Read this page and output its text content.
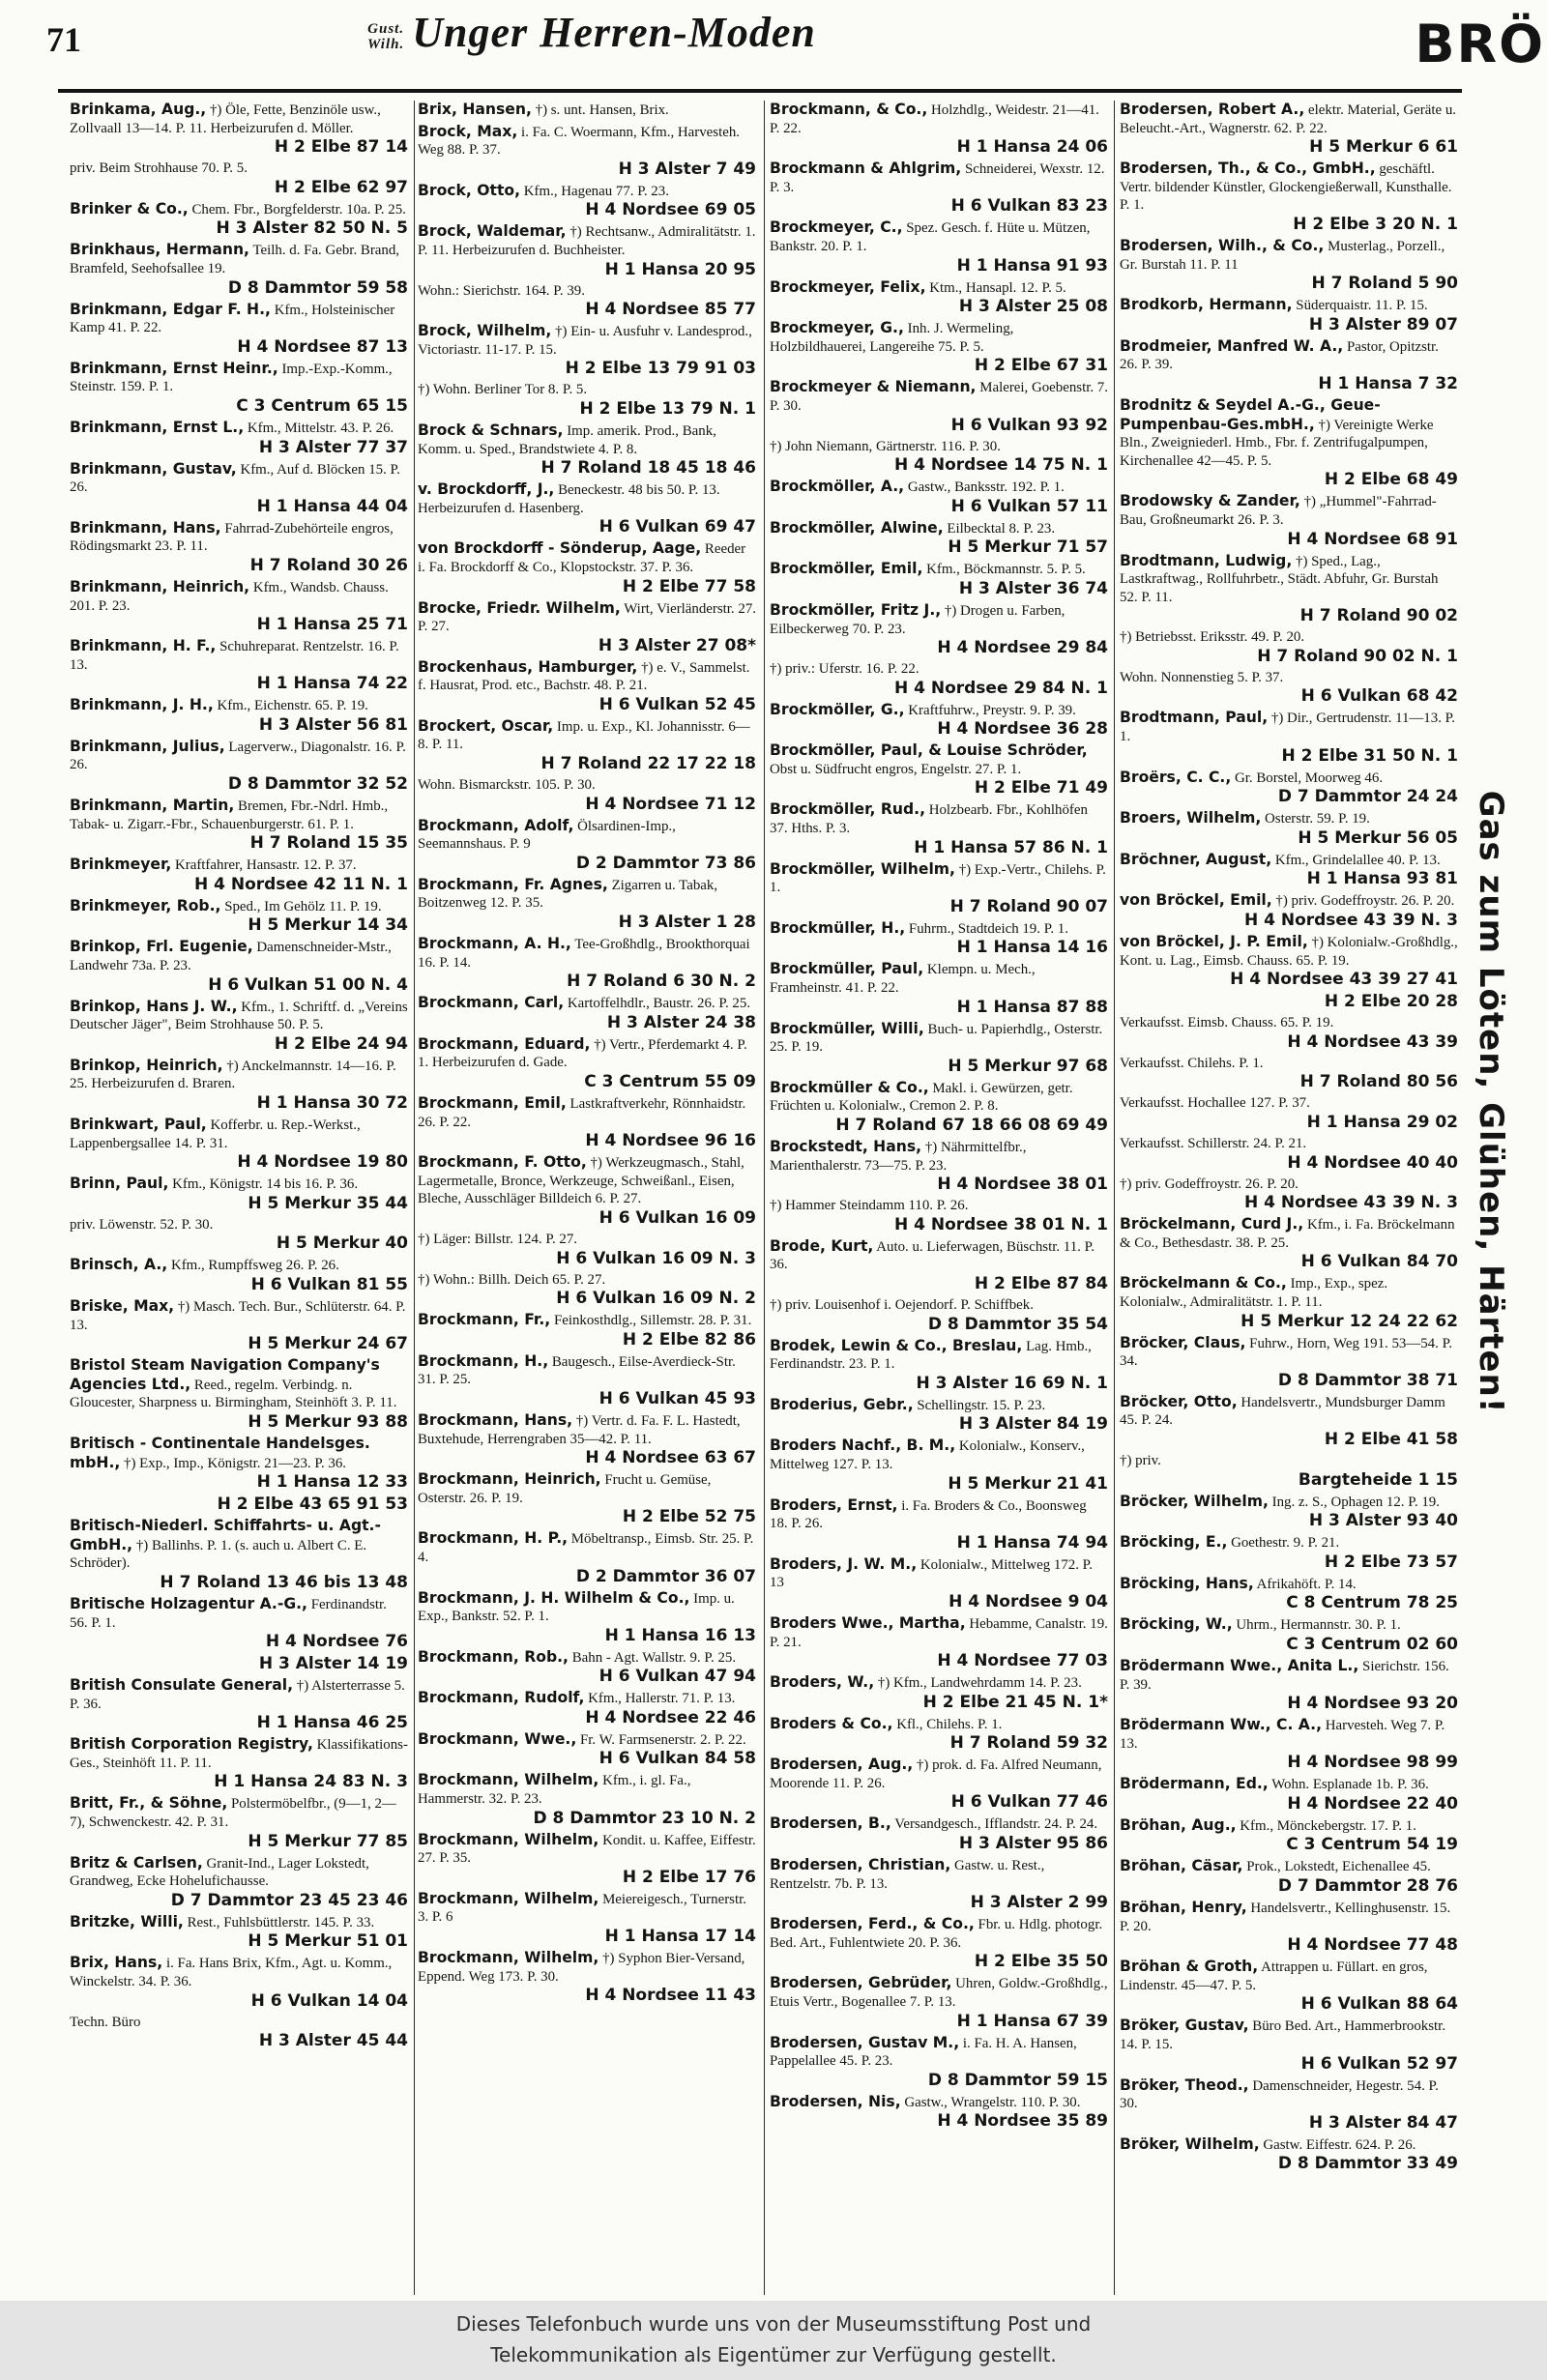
71	Gust.
Wilh. Unger Herren-Moden	BRÖ
Brinkama, Aug., †) Öle, Fette, Benzinöle usw., Zollvaall 13—14. P. 11. Herbeizurufen d. Möller.
H 2 Elbe 87 14
priv. Beim Strohhause 70. P. 5.
H 2 Elbe 62 97
Brinker & Co., Chem. Fbr., Borgfelderstr. 10a. P. 25.
H 3 Alster 82 50 N. 5
Brinkhaus, Hermann, Teilh. d. Fa. Gebr. Brand, Bramfeld, Seehofsallee 19.
D 8 Dammtor 59 58
Brinkmann, Edgar F. H., Kfm., Holsteinischer Kamp 41. P. 22.
H 4 Nordsee 87 13
Brinkmann, Ernst Heinr., Imp.-Exp.-Komm., Steinstr. 159. P. 1.
C 3 Centrum 65 15
Brinkmann, Ernst L., Kfm., Mittelstr. 43. P. 26.
H 3 Alster 77 37
Brinkmann, Gustav, Kfm., Auf d. Blöcken 15. P. 26.
H 1 Hansa 44 04
Brinkmann, Hans, Fahrrad-Zubehörteile engros, Rödingsmarkt 23. P. 11.
H 7 Roland 30 26
Brinkmann, Heinrich, Kfm., Wandsb. Chauss. 201. P. 23.
H 1 Hansa 25 71
Brinkmann, H. F., Schuhreparat. Rentzelstr. 16. P. 13.
H 1 Hansa 74 22
Brinkmann, J. H., Kfm., Eichenstr. 65. P. 19.
H 3 Alster 56 81
Brinkmann, Julius, Lagerverw., Diagonalstr. 16. P. 26.
D 8 Dammtor 32 52
Brinkmann, Martin, Bremen, Fbr.-Ndrl. Hmb., Tabak- u. Zigarr.-Fbr., Schauenburgerstr. 61. P. 1.
H 7 Roland 15 35
Brinkmeyer, Kraftfahrer, Hansastr. 12. P. 37.
H 4 Nordsee 42 11 N. 1
Brinkmeyer, Rob., Sped., Im Gehölz 11. P. 19.
H 5 Merkur 14 34
Brinkop, Frl. Eugenie, Damenschneider-Mstr., Landwehr 73a. P. 23.
H 6 Vulkan 51 00 N. 4
Brinkop, Hans J. W., Kfm., 1. Schriftf. d. „Vereins Deutscher Jäger", Beim Strohhause 50. P. 5.
H 2 Elbe 24 94
Brinkop, Heinrich, †) Anckelmannstr. 14—16. P. 25. Herbeizurufen d. Braren.
H 1 Hansa 30 72
Brinkwart, Paul, Kofferbr. u. Rep.-Werkst., Lappenbergsallee 14. P. 31.
H 4 Nordsee 19 80
Brinn, Paul, Kfm., Königstr. 14 bis 16. P. 36.
H 5 Merkur 35 44
priv. Löwenstr. 52. P. 30.
H 5 Merkur 40
Brinsch, A., Kfm., Rumpffsweg 26. P. 26.
H 6 Vulkan 81 55
Briske, Max, †) Masch. Tech. Bur., Schlüterstr. 64. P. 13.
H 5 Merkur 24 67
Bristol Steam Navigation Company's Agencies Ltd., Reed., regelm. Verbindg. n. Gloucester, Sharpness u. Birmingham, Steinhöft 3. P. 11.
H 5 Merkur 93 88
Britisch - Continentale Handelsges. mbH., †) Exp., Imp., Königstr. 21—23. P. 36.
H 1 Hansa 12 33
H 2 Elbe 43 65 91 53
Britisch-Niederl. Schiffahrts- u. Agt.-GmbH., †) Ballinhs. P. 1. (s. auch u. Albert C. E. Schröder).
H 7 Roland 13 46 bis 13 48
Britische Holzagentur A.-G., Ferdinandstr. 56. P. 1.
H 4 Nordsee 76
H 3 Alster 14 19
British Consulate General, †) Alsterterrasse 5. P. 36.
H 1 Hansa 46 25
British Corporation Registry, Klassifikations-Ges., Steinhöft 11. P. 11.
H 1 Hansa 24 83 N. 3
Britt, Fr., & Söhne, Polstermöbelfbr., (9—1, 2—7), Schwenckestr. 42. P. 31.
H 5 Merkur 77 85
Britz & Carlsen, Granit-Ind., Lager Lokstedt, Grandweg, Ecke Hohelufichausse.
D 7 Dammtor 23 45 23 46
Britzke, Willi, Rest., Fuhlsbüttlerstr. 145. P. 33.
H 5 Merkur 51 01
Brix, Hans, i. Fa. Hans Brix, Kfm., Agt. u. Komm., Winckelstr. 34. P. 36.
H 6 Vulkan 14 04
Techn. Büro
H 3 Alster 45 44
Brix, Hansen, †) s. unt. Hansen, Brix.
Brock, Max, i. Fa. C. Woermann, Kfm., Harvesteh. Weg 88. P. 37.
H 3 Alster 7 49
Brock, Otto, Kfm., Hagenau 77. P. 23.
H 4 Nordsee 69 05
Brock, Waldemar, †) Rechtsanw., Admiralitätstr. 1. P. 11. Herbeizurufen d. Buchheister.
H 1 Hansa 20 95
Wohn.: Sierichstr. 164. P. 39.
H 4 Nordsee 85 77
Brock, Wilhelm, †) Ein- u. Ausfuhr v. Landesprod., Victoriastr. 11-17. P. 15.
H 2 Elbe 13 79 91 03
†) Wohn. Berliner Tor 8. P. 5.
H 2 Elbe 13 79 N. 1
Brock & Schnars, Imp. amerik. Prod., Bank, Komm. u. Sped., Brandstwiete 4. P. 8.
H 7 Roland 18 45 18 46
v. Brockdorff, J., Beneckestr. 48 bis 50. P. 13. Herbeizurufen d. Hasenberg.
H 6 Vulkan 69 47
von Brockdorff - Sönderup, Aage, Reeder i. Fa. Brockdorff & Co., Klopstockstr. 37. P. 36.
H 2 Elbe 77 58
Brocke, Friedr. Wilhelm, Wirt, Vierländerstr. 27. P. 27.
H 3 Alster 27 08*
Brockenhaus, Hamburger, †) e. V., Sammelst. f. Hausrat, Prod. etc., Bachstr. 48. P. 21.
H 6 Vulkan 52 45
Brockert, Oscar, Imp. u. Exp., Kl. Johannisstr. 6—8. P. 11.
H 7 Roland 22 17 22 18
Wohn. Bismarckstr. 105. P. 30.
H 4 Nordsee 71 12
Brockmann, Adolf, Ölsardinen-Imp., Seemannshaus. P. 9
D 2 Dammtor 73 86
Brockmann, Fr. Agnes, Zigarren u. Tabak, Boitzenweg 12. P. 35.
H 3 Alster 1 28
Brockmann, A. H., Tee-Großhdlg., Brookthorquai 16. P. 14.
H 7 Roland 6 30 N. 2
Brockmann, Carl, Kartoffelhdlr., Baustr. 26. P. 25.
H 3 Alster 24 38
Brockmann, Eduard, †) Vertr., Pferdemarkt 4. P. 1. Herbeizurufen d. Gade.
C 3 Centrum 55 09
Brockmann, Emil, Lastkraftverkehr, Rönnhaidstr. 26. P. 22.
H 4 Nordsee 96 16
Brockmann, F. Otto, †) Werkzeugmasch., Stahl, Lagermetalle, Bronce, Werkzeuge, Schweißanl., Eisen, Bleche, Ausschläger Billdeich 6. P. 27.
H 6 Vulkan 16 09
†) Läger: Billstr. 124. P. 27.
H 6 Vulkan 16 09 N. 3
†) Wohn.: Billh. Deich 65. P. 27.
H 6 Vulkan 16 09 N. 2
Brockmann, Fr., Feinkosthdlg., Sillemstr. 28. P. 31.
H 2 Elbe 82 86
Brockmann, H., Baugesch., Eilse-Averdieck-Str. 31. P. 25.
H 6 Vulkan 45 93
Brockmann, Hans, †) Vertr. d. Fa. F. L. Hastedt, Buxtehude, Herrengraben 35—42. P. 11.
H 4 Nordsee 63 67
Brockmann, Heinrich, Frucht u. Gemüse, Osterstr. 26. P. 19.
H 2 Elbe 52 75
Brockmann, H. P., Möbeltransp., Eimsb. Str. 25. P. 4.
D 2 Dammtor 36 07
Brockmann, J. H. Wilhelm & Co., Imp. u. Exp., Bankstr. 52. P. 1.
H 1 Hansa 16 13
Brockmann, Rob., Bahn - Agt. Wallstr. 9. P. 25.
H 6 Vulkan 47 94
Brockmann, Rudolf, Kfm., Hallerstr. 71. P. 13.
H 4 Nordsee 22 46
Brockmann, Wwe., Fr. W. Farmsenerstr. 2. P. 22.
H 6 Vulkan 84 58
Brockmann, Wilhelm, Kfm., i. gl. Fa., Hammerstr. 32. P. 23.
D 8 Dammtor 23 10 N. 2
Brockmann, Wilhelm, Kondit. u. Kaffee, Eiffestr. 27. P. 35.
H 2 Elbe 17 76
Brockmann, Wilhelm, Meiereigesch., Turnerstr. 3. P. 6
H 1 Hansa 17 14
Brockmann, Wilhelm, †) Syphon Bier-Versand, Eppend. Weg 173. P. 30.
H 4 Nordsee 11 43
Brockmann, & Co., Holzhdlg., Weidestr. 21—41. P. 22.
H 1 Hansa 24 06
Brockmann & Ahlgrim, Schneiderei, Wexstr. 12. P. 3.
H 6 Vulkan 83 23
Brockmeyer, C., Spez. Gesch. f. Hüte u. Mützen, Bankstr. 20. P. 1.
H 1 Hansa 91 93
Brockmeyer, Felix, Ktm., Hansapl. 12. P. 5.
H 3 Alster 25 08
Brockmeyer, G., Inh. J. Wermeling, Holzbildhauerei, Langereihe 75. P. 5.
H 2 Elbe 67 31
Brockmeyer & Niemann, Malerei, Goebenstr. 7. P. 30.
H 6 Vulkan 93 92
†) John Niemann, Gärtnerstr. 116. P. 30.
H 4 Nordsee 14 75 N. 1
Brockmöller, A., Gastw., Banksstr. 192. P. 1.
H 6 Vulkan 57 11
Brockmöller, Alwine, Eilbecktal 8. P. 23.
H 5 Merkur 71 57
Brockmöller, Emil, Kfm., Böckmannstr. 5. P. 5.
H 3 Alster 36 74
Brockmöller, Fritz J., †) Drogen u. Farben, Eilbeckerweg 70. P. 23.
H 4 Nordsee 29 84
†) priv.: Uferstr. 16. P. 22.
H 4 Nordsee 29 84 N. 1
Brockmöller, G., Kraftfuhrw., Preystr. 9. P. 39.
H 4 Nordsee 36 28
Brockmöller, Paul, & Louise Schröder, Obst u. Südfrucht engros, Engelstr. 27. P. 1.
H 2 Elbe 71 49
Brockmöller, Rud., Holzbearb. Fbr., Kohlhöfen 37. Hths. P. 3.
H 1 Hansa 57 86 N. 1
Brockmöller, Wilhelm, †) Exp.-Vertr., Chilehs. P. 1.
H 7 Roland 90 07
Brockmüller, H., Fuhrm., Stadtdeich 19. P. 1.
H 1 Hansa 14 16
Brockmüller, Paul, Klempn. u. Mech., Framheinstr. 41. P. 22.
H 1 Hansa 87 88
Brockmüller, Willi, Buch- u. Papierhdlg., Osterstr. 25. P. 19.
H 5 Merkur 97 68
Brockmüller & Co., Makl. i. Gewürzen, getr. Früchten u. Kolonialw., Cremon 2. P. 8.
H 7 Roland 67 18 66 08 69 49
Brockstedt, Hans, †) Nährmittelfbr., Marienthalerstr. 73—75. P. 23.
H 4 Nordsee 38 01
†) Hammer Steindamm 110. P. 26.
H 4 Nordsee 38 01 N. 1
Brode, Kurt, Auto. u. Lieferwagen, Büschstr. 11. P. 36.
H 2 Elbe 87 84
†) priv. Louisenhof i. Oejendorf. P. Schiffbek.
D 8 Dammtor 35 54
Brodek, Lewin & Co., Breslau, Lag. Hmb., Ferdinandstr. 23. P. 1.
H 3 Alster 16 69 N. 1
Broderius, Gebr., Schellingstr. 15. P. 23.
H 3 Alster 84 19
Broders Nachf., B. M., Kolonialw., Konserv., Mittelweg 127. P. 13.
H 5 Merkur 21 41
Broders, Ernst, i. Fa. Broders & Co., Boonsweg 18. P. 26.
H 1 Hansa 74 94
Broders, J. W. M., Kolonialw., Mittelweg 172. P. 13
H 4 Nordsee 9 04
Broders Wwe., Martha, Hebamme, Canalstr. 19. P. 21.
H 4 Nordsee 77 03
Broders, W., †) Kfm., Landwehrdamm 14. P. 23.
H 2 Elbe 21 45 N. 1*
Broders & Co., Kfl., Chilehs. P. 1.
H 7 Roland 59 32
Brodersen, Aug., †) prok. d. Fa. Alfred Neumann, Moorende 11. P. 26.
H 6 Vulkan 77 46
Brodersen, B., Versandgesch., Ifflandstr. 24. P. 24.
H 3 Alster 95 86
Brodersen, Christian, Gastw. u. Rest., Rentzelstr. 7b. P. 13.
H 3 Alster 2 99
Brodersen, Ferd., & Co., Fbr. u. Hdlg. photogr. Bed. Art., Fuhlentwiete 20. P. 36.
H 2 Elbe 35 50
Brodersen, Gebrüder, Uhren, Goldw.-Großhdlg., Etuis Vertr., Bogenallee 7. P. 13.
H 1 Hansa 67 39
Brodersen, Gustav M., i. Fa. H. A. Hansen, Pappelallee 45. P. 23.
D 8 Dammtor 59 15
Brodersen, Nis, Gastw., Wrangelstr. 110. P. 30.
H 4 Nordsee 35 89
Brodersen, Robert A., elektr. Material, Geräte u. Beleucht.-Art., Wagnerstr. 62. P. 22.
H 5 Merkur 6 61
Brodersen, Th., & Co., GmbH., geschäftl. Vertr. bildender Künstler, Glockengießerwall, Kunsthalle. P. 1.
H 2 Elbe 3 20 N. 1
Brodersen, Wilh., & Co., Musterlag., Porzell., Gr. Burstah 11. P. 11
H 7 Roland 5 90
Brodkorb, Hermann, Süderquaistr. 11. P. 15.
H 3 Alster 89 07
Brodmeier, Manfred W. A., Pastor, Opitzstr. 26. P. 39.
H 1 Hansa 7 32
Brodnitz & Seydel A.-G., Geue-Pumpenbau-Ges.mbH., †) Vereinigte Werke Bln., Zweigniederl. Hmb., Fbr. f. Zentrifugalpumpen, Kirchenallee 42—45. P. 5.
H 2 Elbe 68 49
Brodowsky & Zander, †) „Hummel"-Fahrrad-Bau, Großneumarkt 26. P. 3.
H 4 Nordsee 68 91
Brodtmann, Ludwig, †) Sped., Lag., Lastkraftwag., Rollfuhrbetr., Städt. Abfuhr, Gr. Burstah 52. P. 11.
H 7 Roland 90 02
†) Betriebsst. Eriksstr. 49. P. 20.
H 7 Roland 90 02 N. 1
Wohn. Nonnenstieg 5. P. 37.
H 6 Vulkan 68 42
Brodtmann, Paul, †) Dir., Gertrudenstr. 11—13. P. 1.
H 2 Elbe 31 50 N. 1
Broërs, C. C., Gr. Borstel, Moorweg 46.
D 7 Dammtor 24 24
Broers, Wilhelm, Osterstr. 59. P. 19.
H 5 Merkur 56 05
Bröchner, August, Kfm., Grindelallee 40. P. 13.
H 1 Hansa 93 81
von Bröckel, Emil, †) priv. Godeffroystr. 26. P. 20.
H 4 Nordsee 43 39 N. 3
von Bröckel, J. P. Emil, †) Kolonialw.-Großhdlg., Kont. u. Lag., Eimsb. Chauss. 65. P. 19.
H 4 Nordsee 43 39 27 41
H 2 Elbe 20 28
Verkaufsst. Eimsb. Chauss. 65. P. 19.
H 4 Nordsee 43 39
Verkaufsst. Chilehs. P. 1.
H 7 Roland 80 56
Verkaufsst. Hochallee 127. P. 37.
H 1 Hansa 29 02
Verkaufsst. Schillerstr. 24. P. 21.
H 4 Nordsee 40 40
†) priv. Godeffroystr. 26. P. 20.
H 4 Nordsee 43 39 N. 3
Bröckelmann, Curd J., Kfm., i. Fa. Bröckelmann & Co., Bethesdastr. 38. P. 25.
H 6 Vulkan 84 70
Bröckelmann & Co., Imp., Exp., spez. Kolonialw., Admiralitätstr. 1. P. 11.
H 5 Merkur 12 24 22 62
Bröcker, Claus, Fuhrw., Horn, Weg 191. 53—54. P. 34.
D 8 Dammtor 38 71
Bröcker, Otto, Handelsvertr., Mundsburger Damm 45. P. 24.
H 2 Elbe 41 58
†) priv.
Bargteheide 1 15
Bröcker, Wilhelm, Ing. z. S., Ophagen 12. P. 19.
H 3 Alster 93 40
Bröcking, E., Goethestr. 9. P. 21.
H 2 Elbe 73 57
Bröcking, Hans, Afrikahöft. P. 14.
C 8 Centrum 78 25
Bröcking, W., Uhrm., Hermannstr. 30. P. 1.
C 3 Centrum 02 60
Brödermann Wwe., Anita L., Sierichstr. 156. P. 39.
H 4 Nordsee 93 20
Brödermann Ww., C. A., Harvesteh. Weg 7. P. 13.
H 4 Nordsee 98 99
Brödermann, Ed., Wohn. Esplanade 1b. P. 36.
H 4 Nordsee 22 40
Bröhan, Aug., Kfm., Mönckebergstr. 17. P. 1.
C 3 Centrum 54 19
Bröhan, Cäsar, Prok., Lokstedt, Eichenallee 45.
D 7 Dammtor 28 76
Bröhan, Henry, Handelsvertr., Kellinghusenstr. 15. P. 20.
H 4 Nordsee 77 48
Bröhan & Groth, Attrappen u. Füllart. en gros, Lindenstr. 45—47. P. 5.
H 6 Vulkan 88 64
Bröker, Gustav, Büro Bed. Art., Hammerbrookstr. 14. P. 15.
H 6 Vulkan 52 97
Bröker, Theod., Damenschneider, Hegestr. 54. P. 30.
H 3 Alster 84 47
Bröker, Wilhelm, Gastw. Eiffestr. 624. P. 26.
D 8 Dammtor 33 49
Gas zum Löten, Glühen, Härten!
Dieses Telefonbuch wurde uns von der Museumsstiftung Post und
Telekommunikation als Eigentümer zur Verfügung gestellt.
